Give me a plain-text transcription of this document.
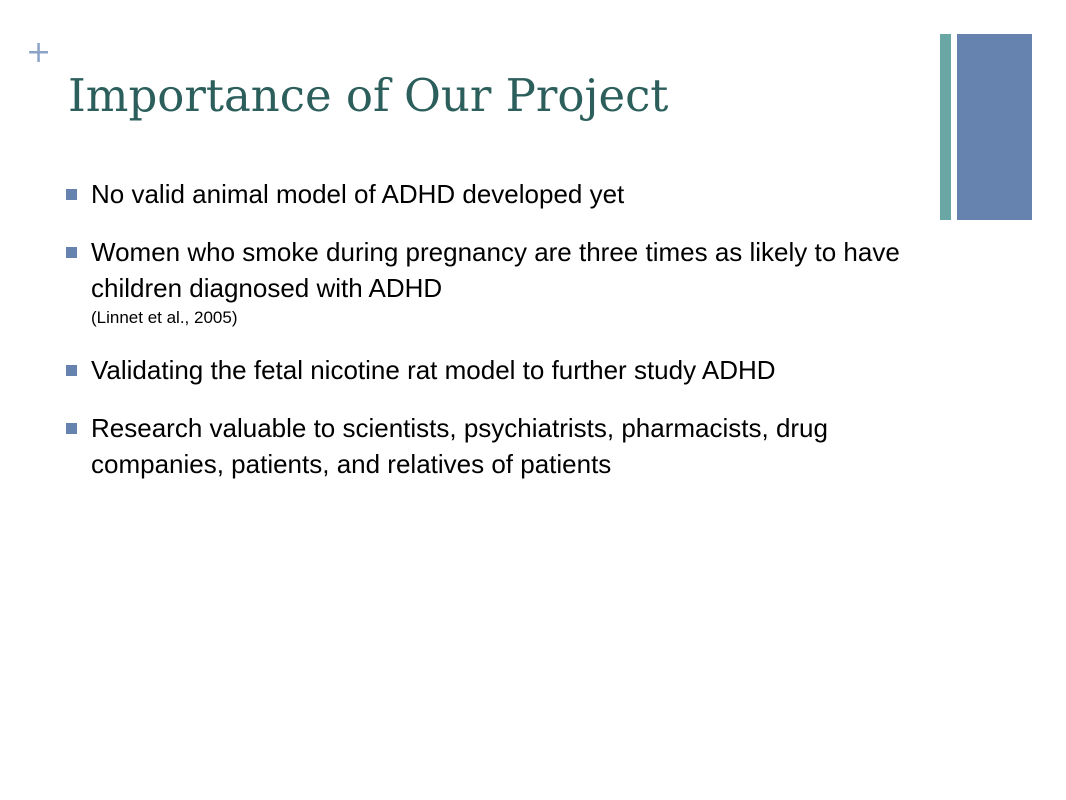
+
Importance of Our Project
No valid animal model of ADHD developed yet
Women who smoke during pregnancy are three times as likely to have children diagnosed with ADHD
(Linnet et al., 2005)
Validating the fetal nicotine rat model to further study ADHD
Research valuable to scientists, psychiatrists, pharmacists, drug companies, patients, and relatives of patients
